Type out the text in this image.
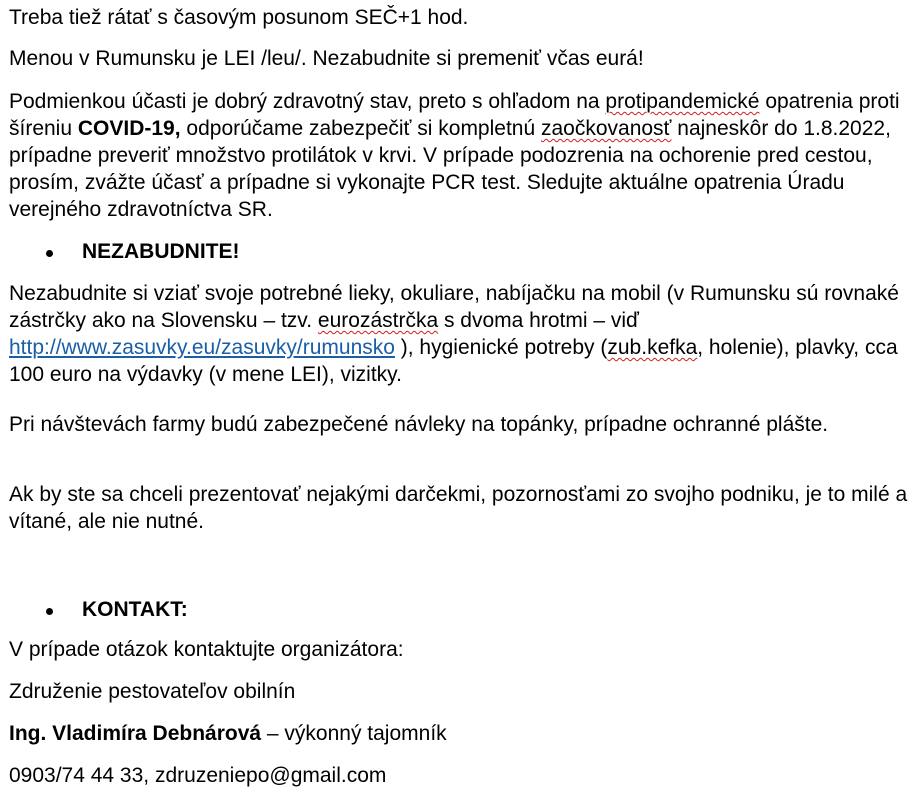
Treba tiež rátať s časovým posunom SEČ+1 hod.

Menou v Rumunsku je LEI /leu/. Nezabudnite si premeniť včas eurá!

Podmienkou účasti je dobrý zdravotný stav, preto s ohľadom na protipandemické opatrenia proti šíreniu COVID-19, odporúčame zabezpečiť si kompletnú zaočkovanosť najneskôr do 1.8.2022, prípadne preveriť množstvo protilátok v krvi. V prípade podozrenia na ochorenie pred cestou, prosím, zvážte účasť a prípadne si vykonajte PCR test. Sledujte aktuálne opatrenia Úradu verejného zdravotníctva SR.

NEZABUDNITE!

Nezabudnite si vziať svoje potrebné lieky, okuliare, nabíjačku na mobil (v Rumunsku sú rovnaké zástrčky ako na Slovensku – tzv. eurozástrčka s dvoma hrotmi – viď http://www.zasuvky.eu/zasuvky/rumunsko ), hygienické potreby (zub.kefka, holenie), plavky, cca 100 euro na výdavky (v mene LEI), vizitky.

Pri návštevách farmy budú zabezpečené návleky na topánky, prípadne ochranné plášte.

Ak by ste sa chceli prezentovať nejakými darčekmi, pozornosťami zo svojho podniku, je to milé a vítané, ale nie nutné.

KONTAKT:

V prípade otázok kontaktujte organizátora:

Združenie pestovateľov obilnín

Ing. Vladimíra Debnárová – výkonný tajomník

0903/74 44 33, zdruzeniepo@gmail.com
